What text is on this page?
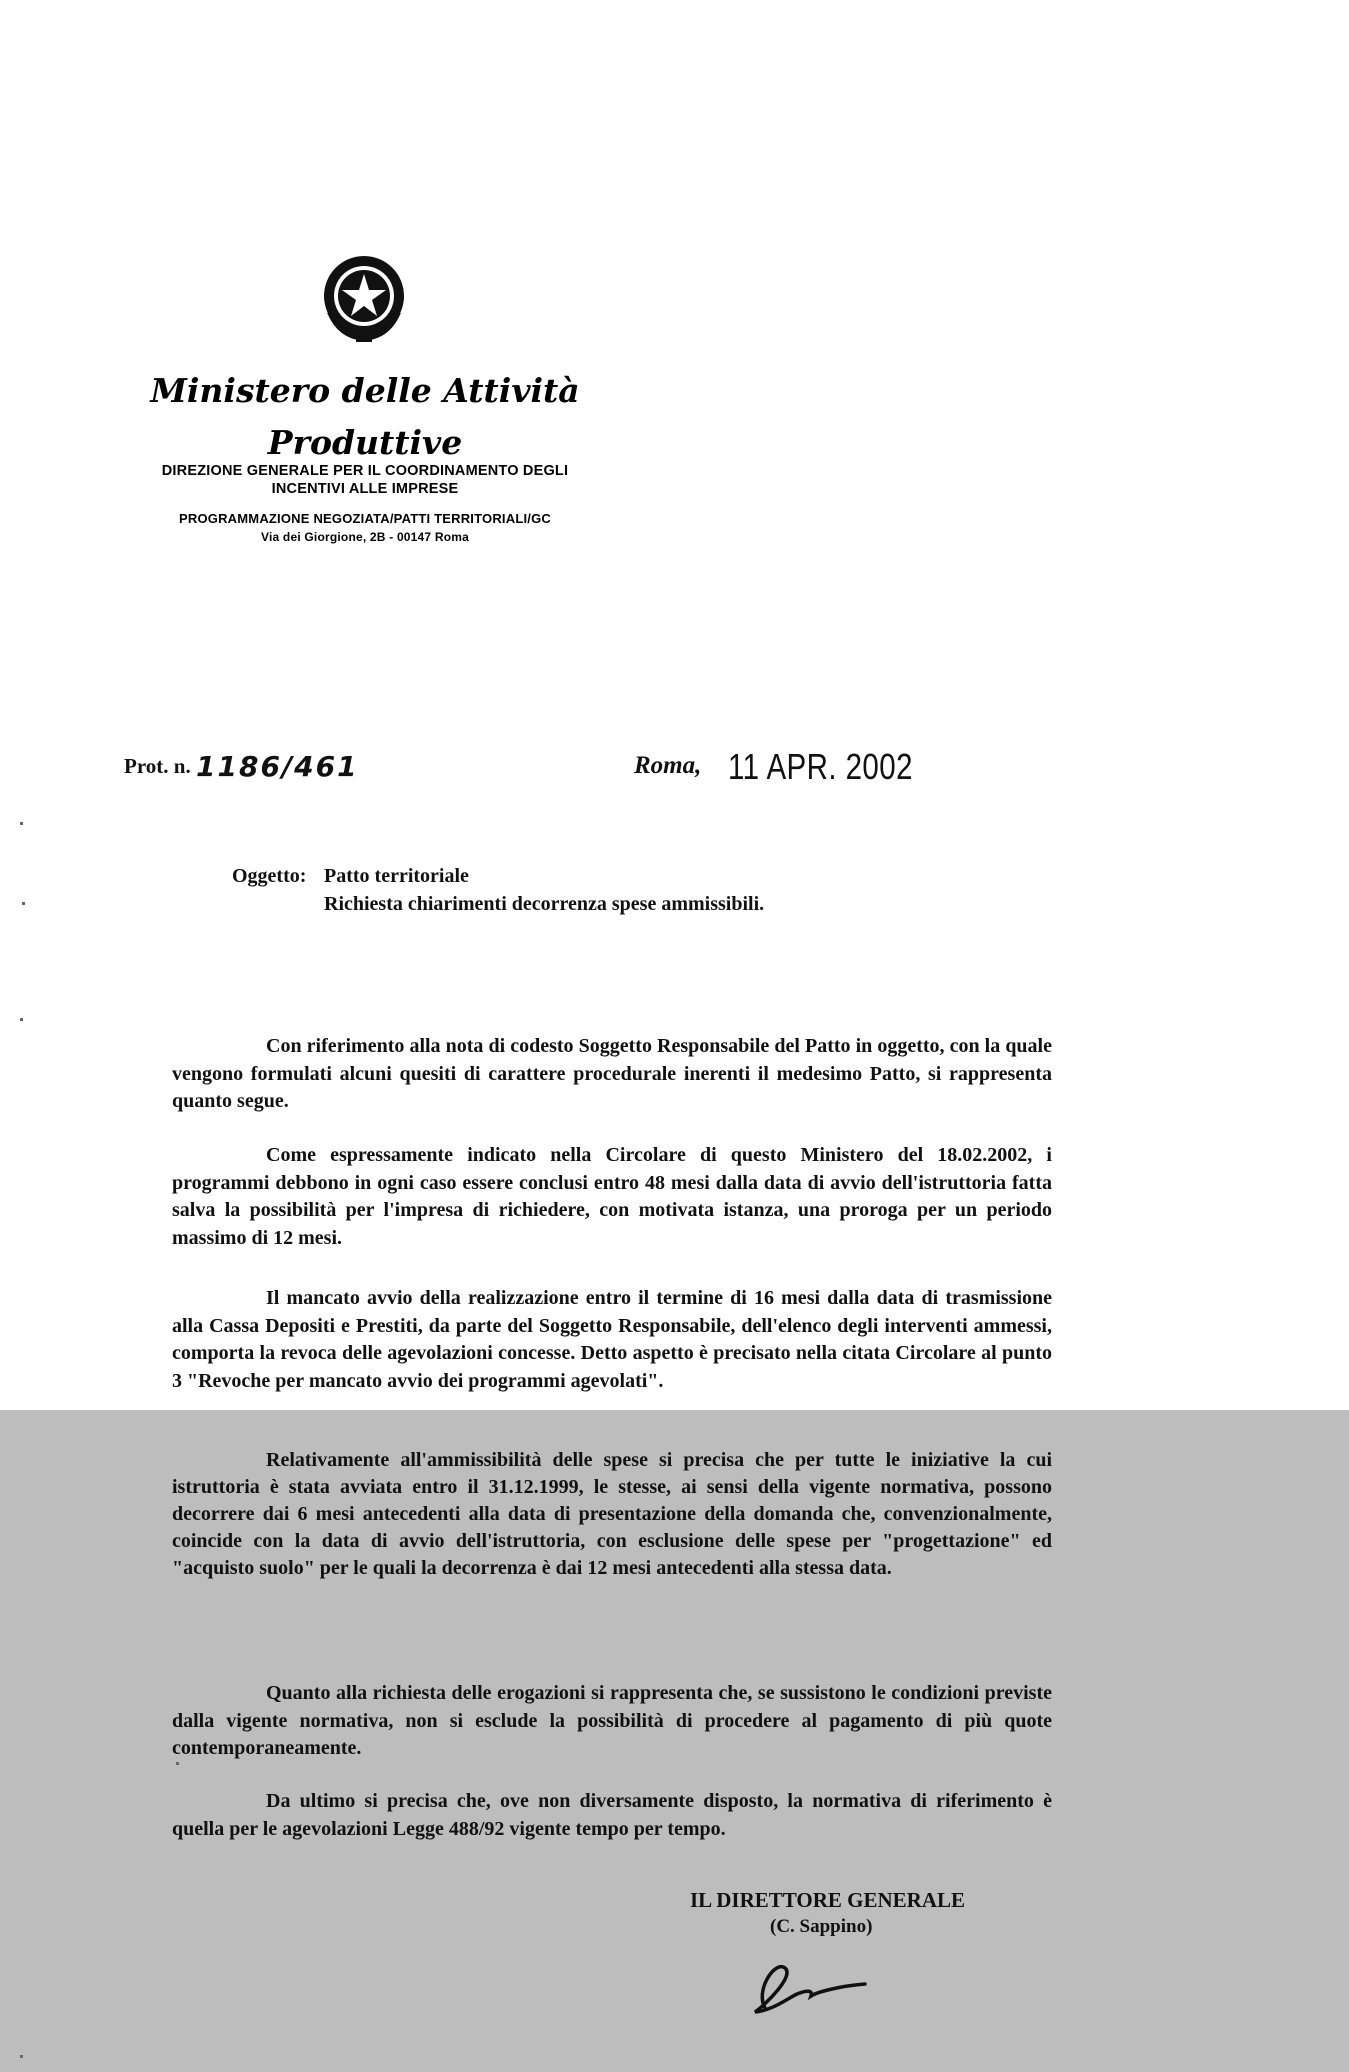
Ministero delle Attività
Produttive
DIREZIONE GENERALE PER IL COORDINAMENTO DEGLI INCENTIVI ALLE IMPRESE
PROGRAMMAZIONE NEGOZIATA/PATTI TERRITORIALI/GC
Via dei Giorgione, 2B - 00147 Roma
Prot. n. 1186/461	Roma, 11 APR. 2002
Oggetto: Patto territoriale
Richiesta chiarimenti decorrenza spese ammissibili.
Con riferimento alla nota di codesto Soggetto Responsabile del Patto in oggetto, con la quale vengono formulati alcuni quesiti di carattere procedurale inerenti il medesimo Patto, si rappresenta quanto segue.
Come espressamente indicato nella Circolare di questo Ministero del 18.02.2002, i programmi debbono in ogni caso essere conclusi entro 48 mesi dalla data di avvio dell'istruttoria fatta salva la possibilità per l'impresa di richiedere, con motivata istanza, una proroga per un periodo massimo di 12 mesi.
Il mancato avvio della realizzazione entro il termine di 16 mesi dalla data di trasmissione alla Cassa Depositi e Prestiti, da parte del Soggetto Responsabile, dell'elenco degli interventi ammessi, comporta la revoca delle agevolazioni concesse. Detto aspetto è precisato nella citata Circolare al punto 3 "Revoche per mancato avvio dei programmi agevolati".
Relativamente all'ammissibilità delle spese si precisa che per tutte le iniziative la cui istruttoria è stata avviata entro il 31.12.1999, le stesse, ai sensi della vigente normativa, possono decorrere dai 6 mesi antecedenti alla data di presentazione della domanda che, convenzionalmente, coincide con la data di avvio dell'istruttoria, con esclusione delle spese per "progettazione" ed "acquisto suolo" per le quali la decorrenza è dai 12 mesi antecedenti alla stessa data.
Quanto alla richiesta delle erogazioni si rappresenta che, se sussistono le condizioni previste dalla vigente normativa, non si esclude la possibilità di procedere al pagamento di più quote contemporaneamente.
Da ultimo si precisa che, ove non diversamente disposto, la normativa di riferimento è quella per le agevolazioni Legge 488/92 vigente tempo per tempo.
IL DIRETTORE GENERALE
(C. Sappino)
